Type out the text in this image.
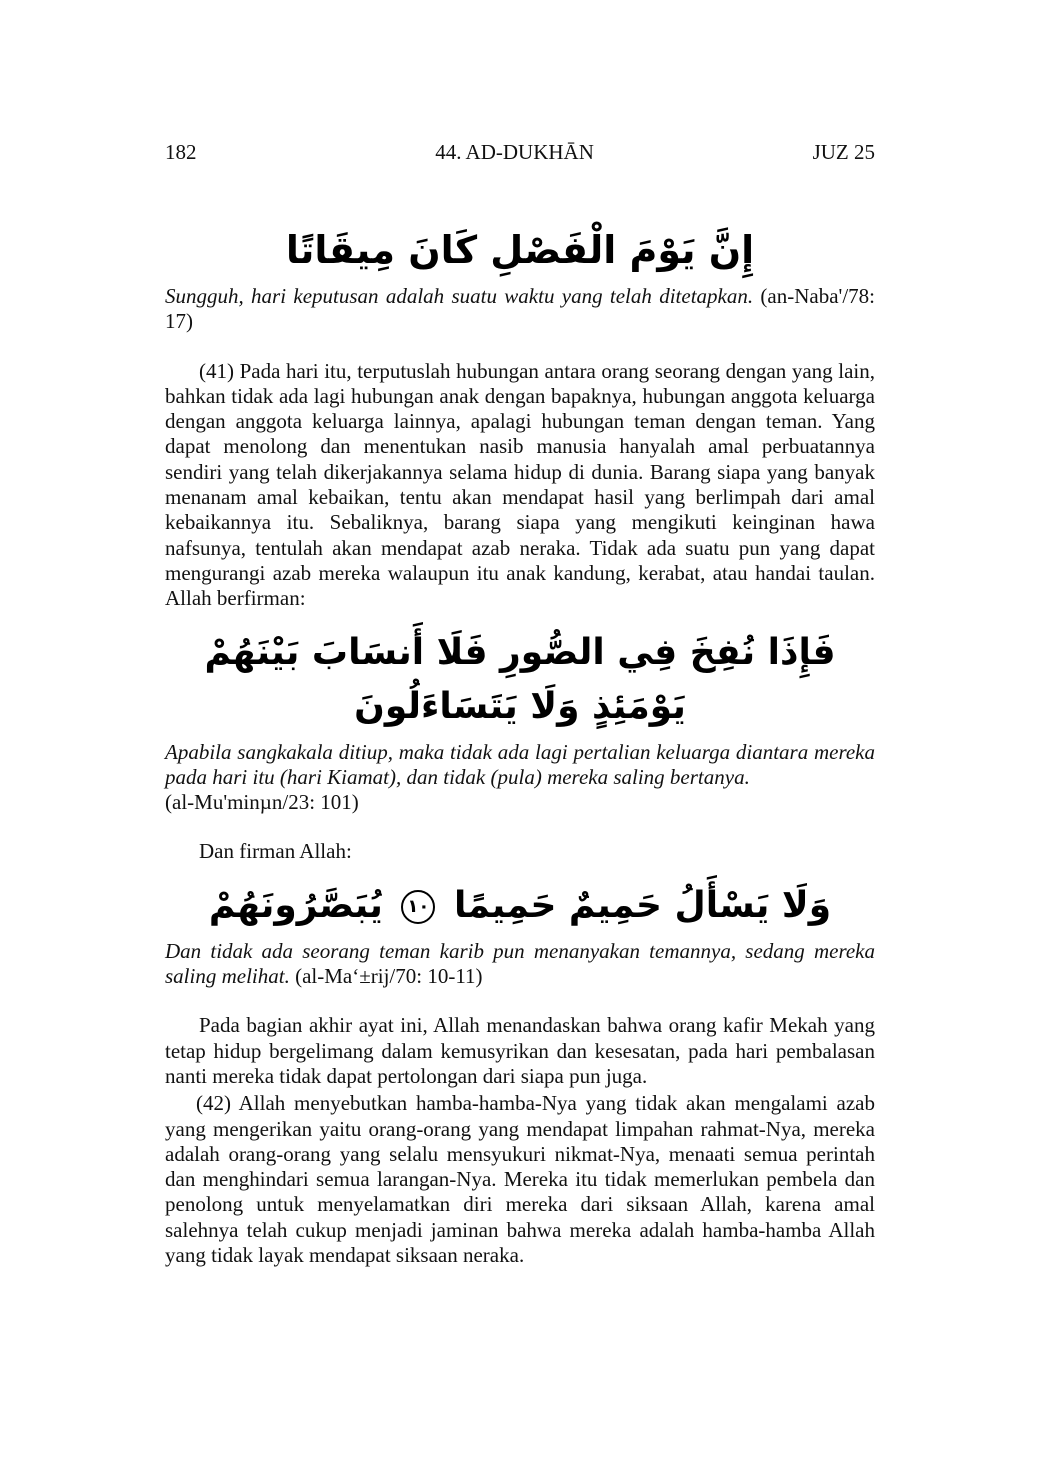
182	44. AD-DUKHĀN	JUZ 25
إِنَّ يَوْمَ الْفَصْلِ كَانَ مِيقَاتًا

Sungguh, hari keputusan adalah suatu waktu yang telah ditetapkan. (an-Naba'/78: 17)

(41) Pada hari itu, terputuslah hubungan antara orang seorang dengan yang lain, bahkan tidak ada lagi hubungan anak dengan bapaknya, hubungan anggota keluarga dengan anggota keluarga lainnya, apalagi hubungan teman dengan teman. Yang dapat menolong dan menentukan nasib manusia hanyalah amal perbuatannya sendiri yang telah dikerjakannya selama hidup di dunia. Barang siapa yang banyak menanam amal kebaikan, tentu akan mendapat hasil yang berlimpah dari amal kebaikannya itu. Sebaliknya, barang siapa yang mengikuti keinginan hawa nafsunya, tentulah akan mendapat azab neraka. Tidak ada suatu pun yang dapat mengurangi azab mereka walaupun itu anak kandung, kerabat, atau handai taulan. Allah berfirman:

فَإِذَا نُفِخَ فِي الصُّورِ فَلَا أَنسَابَ بَيْنَهُمْ يَوْمَئِذٍ وَلَا يَتَسَاءَلُونَ

Apabila sangkakala ditiup, maka tidak ada lagi pertalian keluarga diantara mereka pada hari itu (hari Kiamat), dan tidak (pula) mereka saling bertanya.
(al-Mu'minµn/23: 101)

Dan firman Allah:

وَلَا يَسْأَلُ حَمِيمٌ حَمِيمًا ١٠ يُبَصَّرُونَهُمْ

Dan tidak ada seorang teman karib pun menanyakan temannya, sedang mereka saling melihat. (al-Ma‘±rij/70: 10-11)

Pada bagian akhir ayat ini, Allah menandaskan bahwa orang kafir Mekah yang tetap hidup bergelimang dalam kemusyrikan dan kesesatan, pada hari pembalasan nanti mereka tidak dapat pertolongan dari siapa pun juga.

(42) Allah menyebutkan hamba-hamba-Nya yang tidak akan mengalami azab yang mengerikan yaitu orang-orang yang mendapat limpahan rahmat-Nya, mereka adalah orang-orang yang selalu mensyukuri nikmat-Nya, menaati semua perintah dan menghindari semua larangan-Nya. Mereka itu tidak memerlukan pembela dan penolong untuk menyelamatkan diri mereka dari siksaan Allah, karena amal salehnya telah cukup menjadi jaminan bahwa mereka adalah hamba-hamba Allah yang tidak layak mendapat siksaan neraka.
